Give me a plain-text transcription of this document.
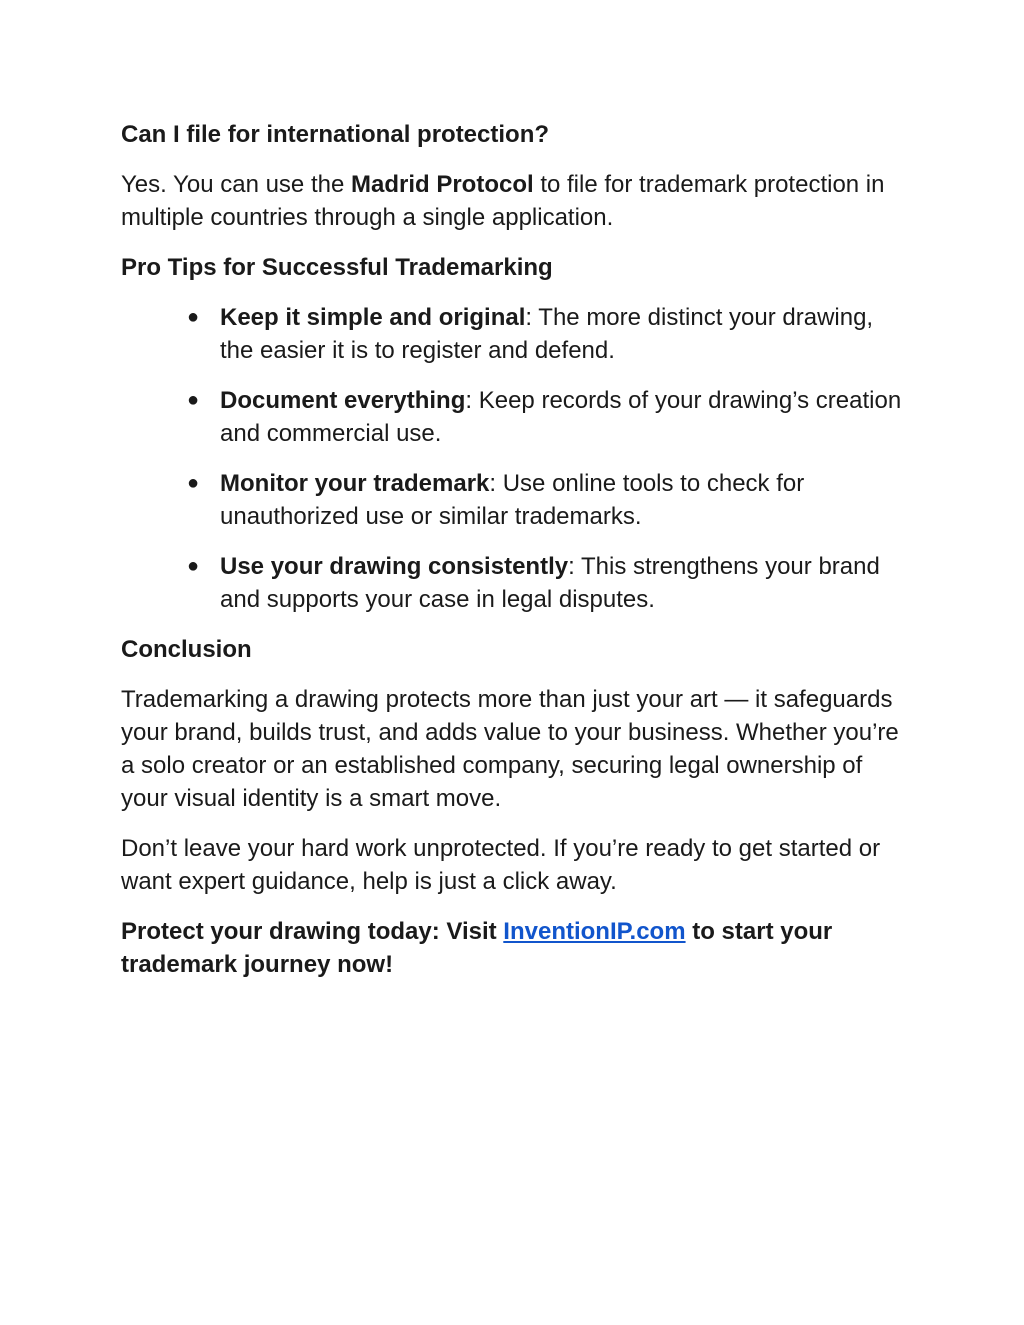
Can I file for international protection?

Yes. You can use the Madrid Protocol to file for trademark protection in multiple countries through a single application.

Pro Tips for Successful Trademarking
● Keep it simple and original: The more distinct your drawing, the easier it is to register and defend.
● Document everything: Keep records of your drawing’s creation and commercial use.
● Monitor your trademark: Use online tools to check for unauthorized use or similar trademarks.
● Use your drawing consistently: This strengthens your brand and supports your case in legal disputes.
Conclusion

Trademarking a drawing protects more than just your art — it safeguards your brand, builds trust, and adds value to your business. Whether you’re a solo creator or an established company, securing legal ownership of your visual identity is a smart move.

Don’t leave your hard work unprotected. If you’re ready to get started or want expert guidance, help is just a click away.

Protect your drawing today: Visit InventionIP.com to start your trademark journey now!
